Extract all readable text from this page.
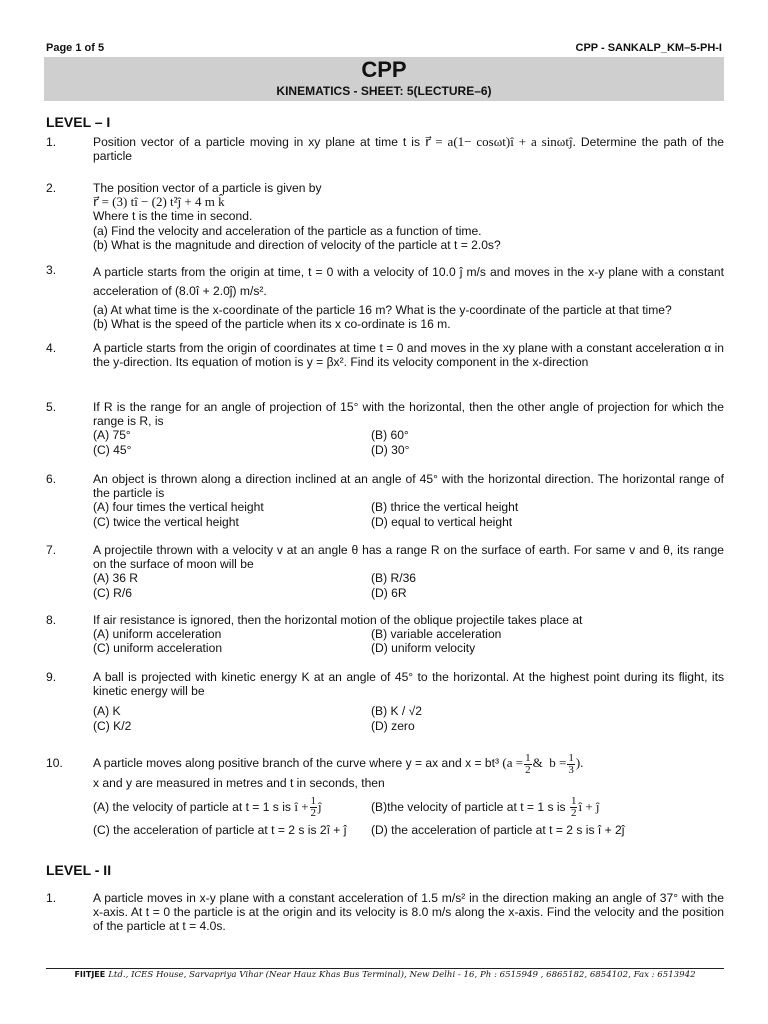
Page 1 of 5	CPP - SANKALP_KM–5-PH-I
CPP
KINEMATICS - SHEET: 5(LECTURE–6)
LEVEL – I
1.	Position vector of a particle moving in xy plane at time t is r⃗ = a(1− cosωt)î + a sinωtĵ. Determine the path of the particle
2.	The position vector of a particle is given by

r⃗ = (3) tî − (2) t²ĵ + 4 m k̂

Where t is the time in second.

(a) Find the velocity and acceleration of the particle as a function of time.

(b) What is the magnitude and direction of velocity of the particle at t = 2.0s?

3.	A particle starts from the origin at time, t = 0 with a velocity of 10.0 ĵ m/s and moves in the x-y plane with a constant acceleration of (8.0î + 2.0ĵ) m/s².

(a) At what time is the x-coordinate of the particle 16 m? What is the y-coordinate of the particle at that time?

(b) What is the speed of the particle when its x co-ordinate is 16 m.

4.	A particle starts from the origin of coordinates at time t = 0 and moves in the xy plane with a constant acceleration α in the y-direction. Its equation of motion is y = βx². Find its velocity component in the x-direction

5.	If R is the range for an angle of projection of 15° with the horizontal, then the other angle of projection for which the range is R, is

(A) 75°	(B) 60°
(C) 45°	(D) 30°
6.	An object is thrown along a direction inclined at an angle of 45° with the horizontal direction. The horizontal range of the particle is

(A) four times the vertical height	(B) thrice the vertical height
(C) twice the vertical height	(D) equal to vertical height
7.	A projectile thrown with a velocity v at an angle θ has a range R on the surface of earth. For same v and θ, its range on the surface of moon will be

(A) 36 R	(B) R/36
(C) R/6	(D) 6R
8.	If air resistance is ignored, then the horizontal motion of the oblique projectile takes place at

(A) uniform acceleration	(B) variable acceleration
(C) uniform acceleration	(D) uniform velocity
9.	A ball is projected with kinetic energy K at an angle of 45° to the horizontal. At the highest point during its flight, its kinetic energy will be

(A) K	(B) K / √2
(C) K/2	(D) zero
10. A particle moves along positive branch of the curve where y = ax and x = bt³ ($a = \frac{1}{2}$ &  $b = \frac{1}{3}$ ).

x and y are measured in metres and t in seconds, then

(A) the velocity of particle at t = 1 s is î + $\frac{1}{2}$ ĵ	(B)the velocity of particle at t = 1 s is $\frac{1}{2}$ î + ĵ
(C) the acceleration of particle at t = 2 s is 2î + ĵ	(D) the acceleration of particle at t = 2 s is î + 2ĵ
LEVEL - II
1.	A particle moves in x-y plane with a constant acceleration of 1.5 m/s² in the direction making an angle of 37° with the x-axis. At t = 0 the particle is at the origin and its velocity is 8.0 m/s along the x-axis. Find the velocity and the position of the particle at t = 4.0s.

FIITJEE Ltd., ICES House, Sarvapriya Vihar (Near Hauz Khas Bus Terminal), New Delhi - 16, Ph : 6515949 , 6865182, 6854102, Fax : 6513942
